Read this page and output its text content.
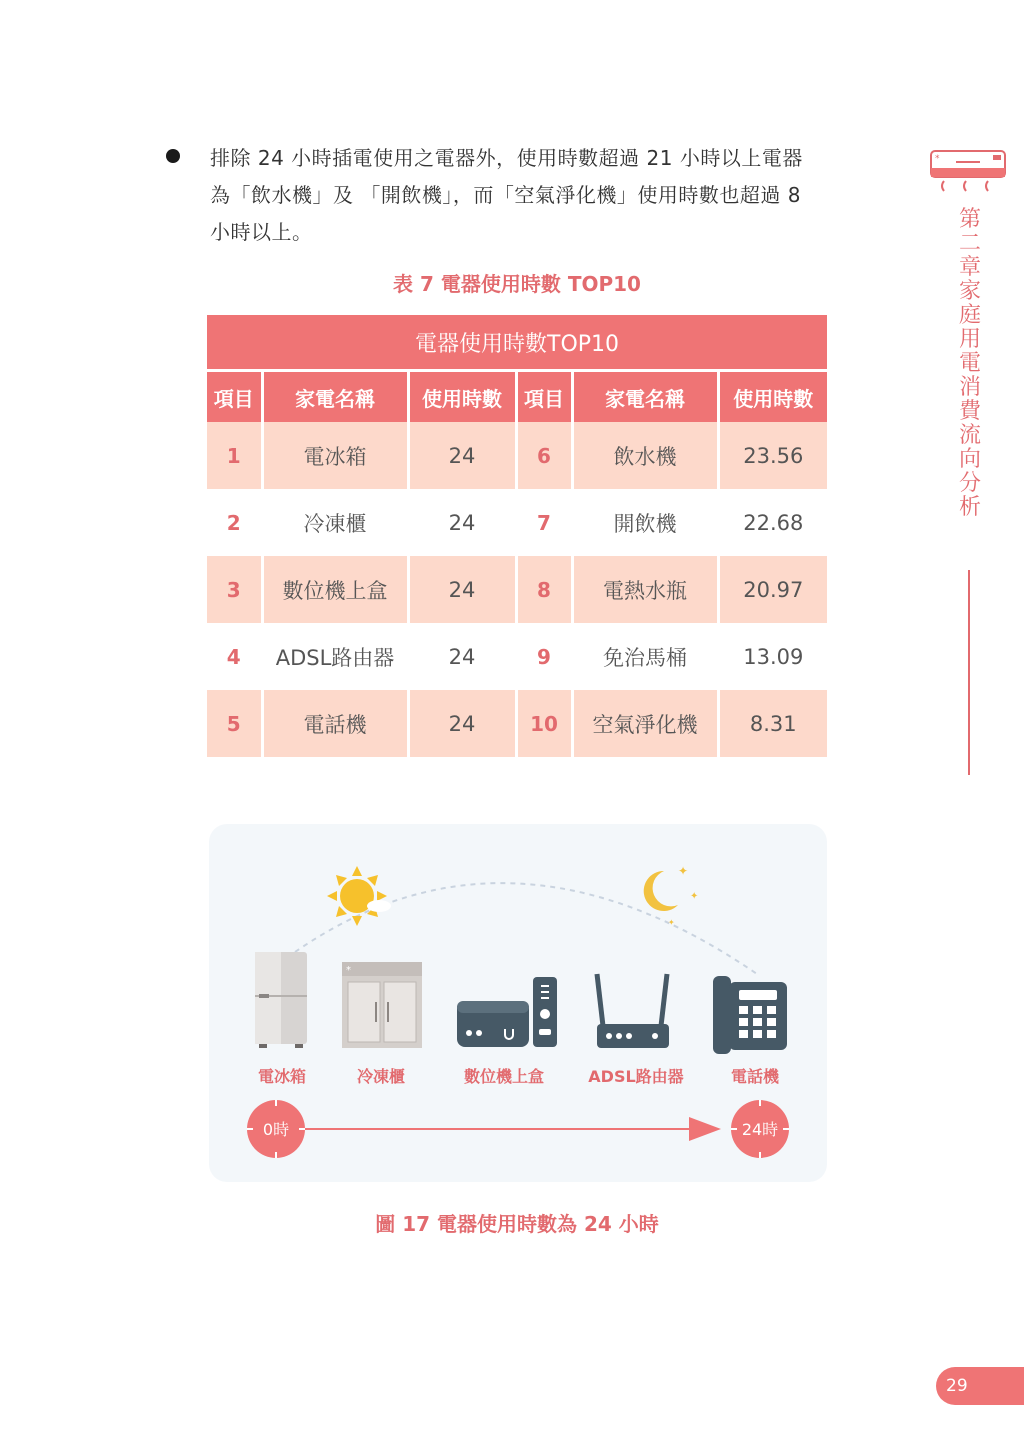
排除 24 小時插電使用之電器外，使用時數超過 21 小時以上電器為「飲水機」及 「開飲機」，而「空氣淨化機」使用時數也超過 8 小時以上。

表 7 電器使用時數 TOP10
電器使用時數TOP10					
項目	家電名稱	使用時數	項目	家電名稱	使用時數
1	電冰箱	24	6	飲水機	23.56
2	冷凍櫃	24	7	開飲機	22.68
3	數位機上盒	24	8	電熱水瓶	20.97
4	ADSL路由器	24	9	免治馬桶	13.09
5	電話機	24	10	空氣淨化機	8.31
*
第二章 家庭用電消費流向分析
✦
✦
✦
✦
*
電冰箱	冷凍櫃	數位機上盒	ADSL路由器	電話機
0時	24時
圖 17 電器使用時數為 24 小時
29
